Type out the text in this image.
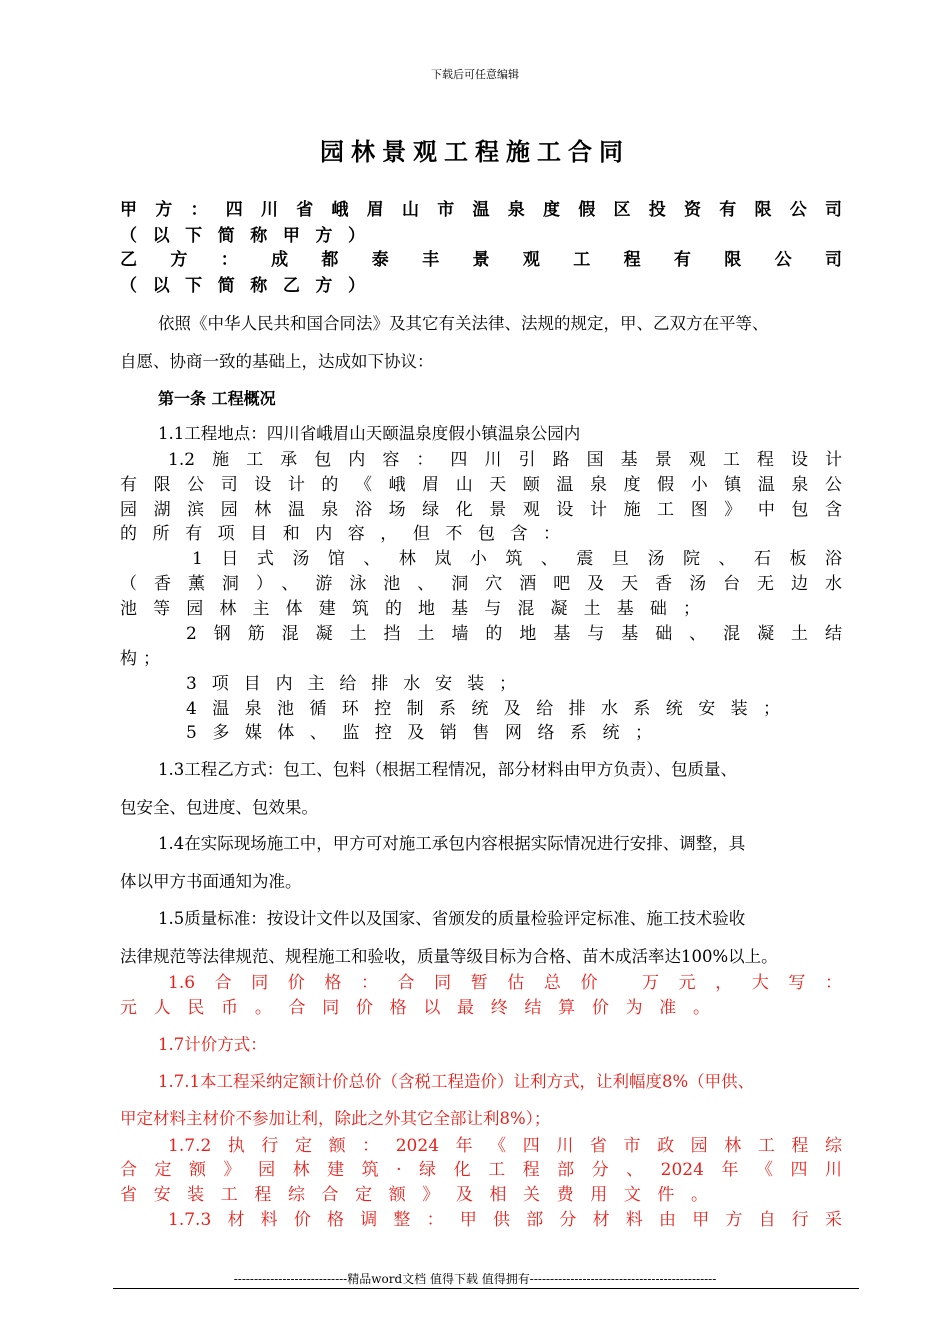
下载后可任意编辑
园林景观工程施工合同
甲方：四川省峨眉山市温泉度假区投资有限公司
（以下简称甲方）
乙方：成都泰丰景观工程有限公司
（以下简称乙方）
依照《中华人民共和国合同法》及其它有关法律、法规的规定，甲、乙双方在平等、
自愿、协商一致的基础上，达成如下协议：
第一条 工程概况
1.1工程地点：四川省峨眉山天颐温泉度假小镇温泉公园内
1.2施工承包内容：四川引路国基景观工程设计
有限公司设计的《峨眉山天颐温泉度假小镇温泉公
园湖滨园林温泉浴场绿化景观设计施工图》中包含
的所有项目和内容，但不包含：
1日式汤馆、林岚小筑、震旦汤院、石板浴
（香薰洞）、游泳池、洞穴酒吧及天香汤台无边水
池等园林主体建筑的地基与混凝土基础；
2钢筋混凝土挡土墙的地基与基础、混凝土结
构；
3项目内主给排水安装；
4温泉池循环控制系统及给排水系统安装；
5多媒体、监控及销售网络系统；
1.3工程乙方式：包工、包料（根据工程情况，部分材料由甲方负责）、包质量、
包安全、包进度、包效果。
1.4在实际现场施工中，甲方可对施工承包内容根据实际情况进行安排、调整，具
体以甲方书面通知为准。
1.5质量标准：按设计文件以及国家、省颁发的质量检验评定标准、施工技术验收
法律规范等法律规范、规程施工和验收，质量等级目标为合格、苗木成活率达100%以上。
1.6合同价格：合同暂估总价 万元，大写：
元人民币。合同价格以最终结算价为准。
1.7计价方式：
1.7.1本工程采纳定额计价总价（含税工程造价）让利方式，让利幅度8%（甲供、
甲定材料主材价不参加让利，除此之外其它全部让利8%）；
1.7.2执行定额：2024年《四川省市政园林工程综
合定额》园林建筑·绿化工程部分、2024年《四川
省安装工程综合定额》及相关费用文件。
1.7.3材料价格调整：甲供部分材料由甲方自行采
----------------------------精品word文档 值得下载 值得拥有----------------------------------------------
